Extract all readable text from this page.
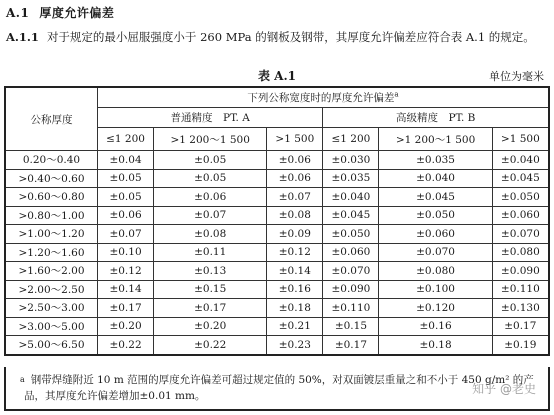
A.1 厚度允许偏差
A.1.1 对于规定的最小屈服强度小于 260 MPa 的钢板及钢带，其厚度允许偏差应符合表 A.1 的规定。
表 A.1	单位为毫米
公称厚度	下列公称宽度时的厚度允许偏差$^a$
	普通精度　PT. A			高级精度　PT. B		
	≤1 200	>1 200～1 500	>1 500	≤1 200	>1 200～1 500	>1 500
0.20～0.40	±0.04	±0.05	±0.06	±0.030	±0.035	±0.040
>0.40～0.60	±0.05	±0.05	±0.06	±0.035	±0.040	±0.045
>0.60～0.80	±0.05	±0.06	±0.07	±0.040	±0.045	±0.050
>0.80～1.00	±0.06	±0.07	±0.08	±0.045	±0.050	±0.060
>1.00～1.20	±0.07	±0.08	±0.09	±0.050	±0.060	±0.070
>1.20～1.60	±0.10	±0.11	±0.12	±0.060	±0.070	±0.080
>1.60～2.00	±0.12	±0.13	±0.14	±0.070	±0.080	±0.090
>2.00～2.50	±0.14	±0.15	±0.16	±0.090	±0.100	±0.110
>2.50～3.00	±0.17	±0.17	±0.18	±0.110	±0.120	±0.130
>3.00～5.00	±0.20	±0.20	±0.21	±0.15	±0.16	±0.17
>5.00～6.50	±0.22	±0.22	±0.23	±0.17	±0.18	±0.19
$^a$ 钢带焊缝附近 10 m 范围的厚度允许偏差可超过规定值的 50%，对双面镀层重量之和不小于 450 g/m² 的产
品，其厚度允许偏差增加±0.01 mm。	知乎 @老史
